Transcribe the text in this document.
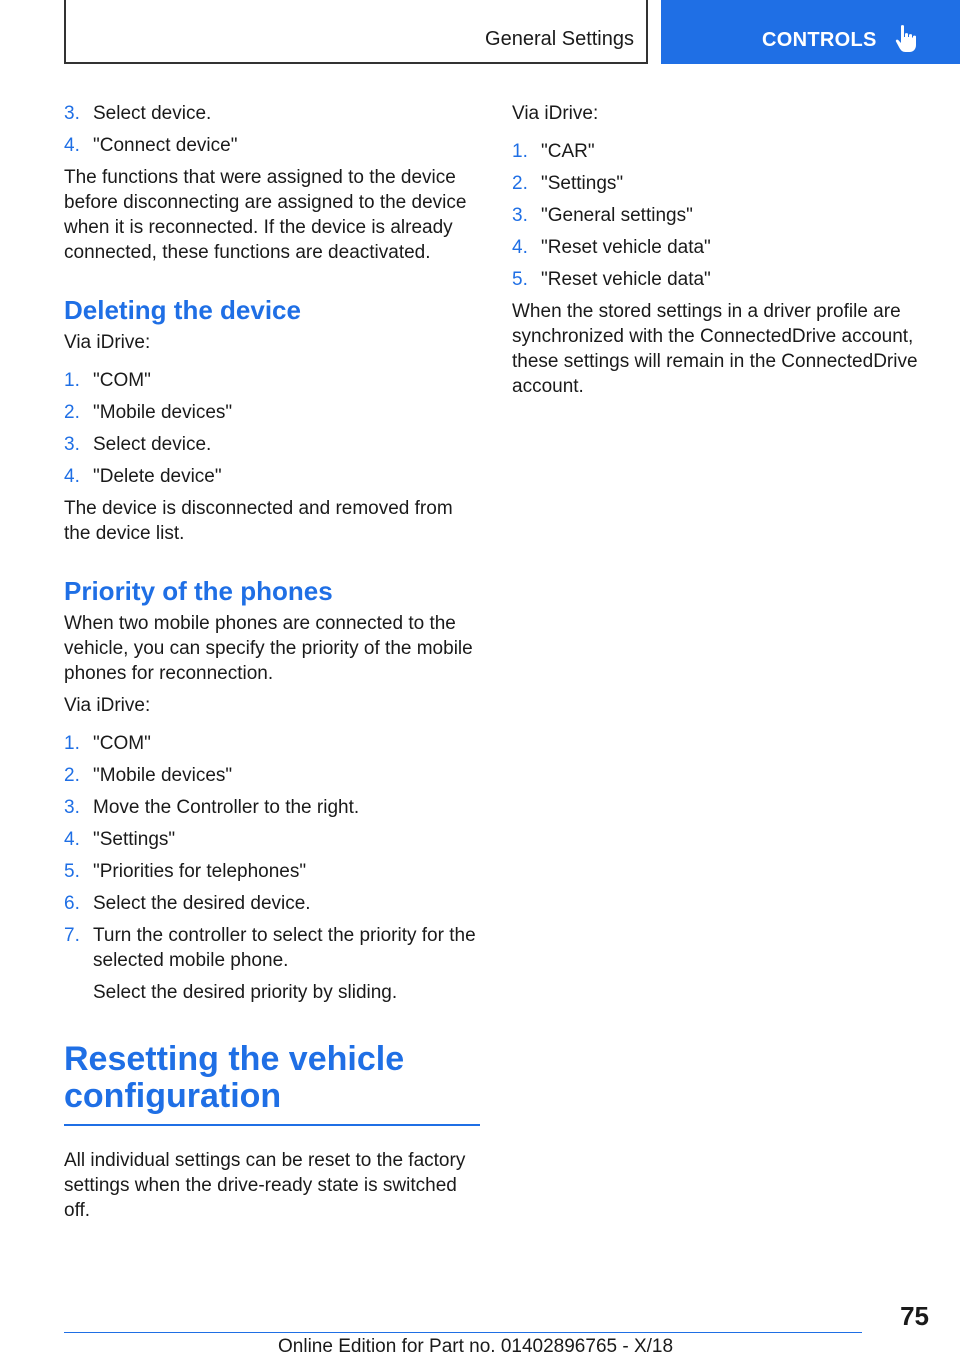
General Settings	CONTROLS
3. Select device.
4. "Connect device"

The functions that were assigned to the device before disconnecting are assigned to the device when it is reconnected. If the device is already connected, these functions are deactivated.

Deleting the device

Via iDrive:

1. "COM"
2. "Mobile devices"
3. Select device.
4. "Delete device"

The device is disconnected and removed from the device list.

Priority of the phones

When two mobile phones are connected to the vehicle, you can specify the priority of the mobile phones for reconnection.

Via iDrive:

1. "COM"
2. "Mobile devices"
3. Move the Controller to the right.
4. "Settings"
5. "Priorities for telephones"
6. Select the desired device.
7. Turn the controller to select the priority for the selected mobile phone.
Select the desired priority by sliding.
Resetting the vehicle configuration

All individual settings can be reset to the factory settings when the drive-ready state is switched off.

Via iDrive:

1. "CAR"
2. "Settings"
3. "General settings"
4. "Reset vehicle data"
5. "Reset vehicle data"

When the stored settings in a driver profile are synchronized with the ConnectedDrive account, these settings will remain in the ConnectedDrive account.

75
Online Edition for Part no. 01402896765 - X/18
